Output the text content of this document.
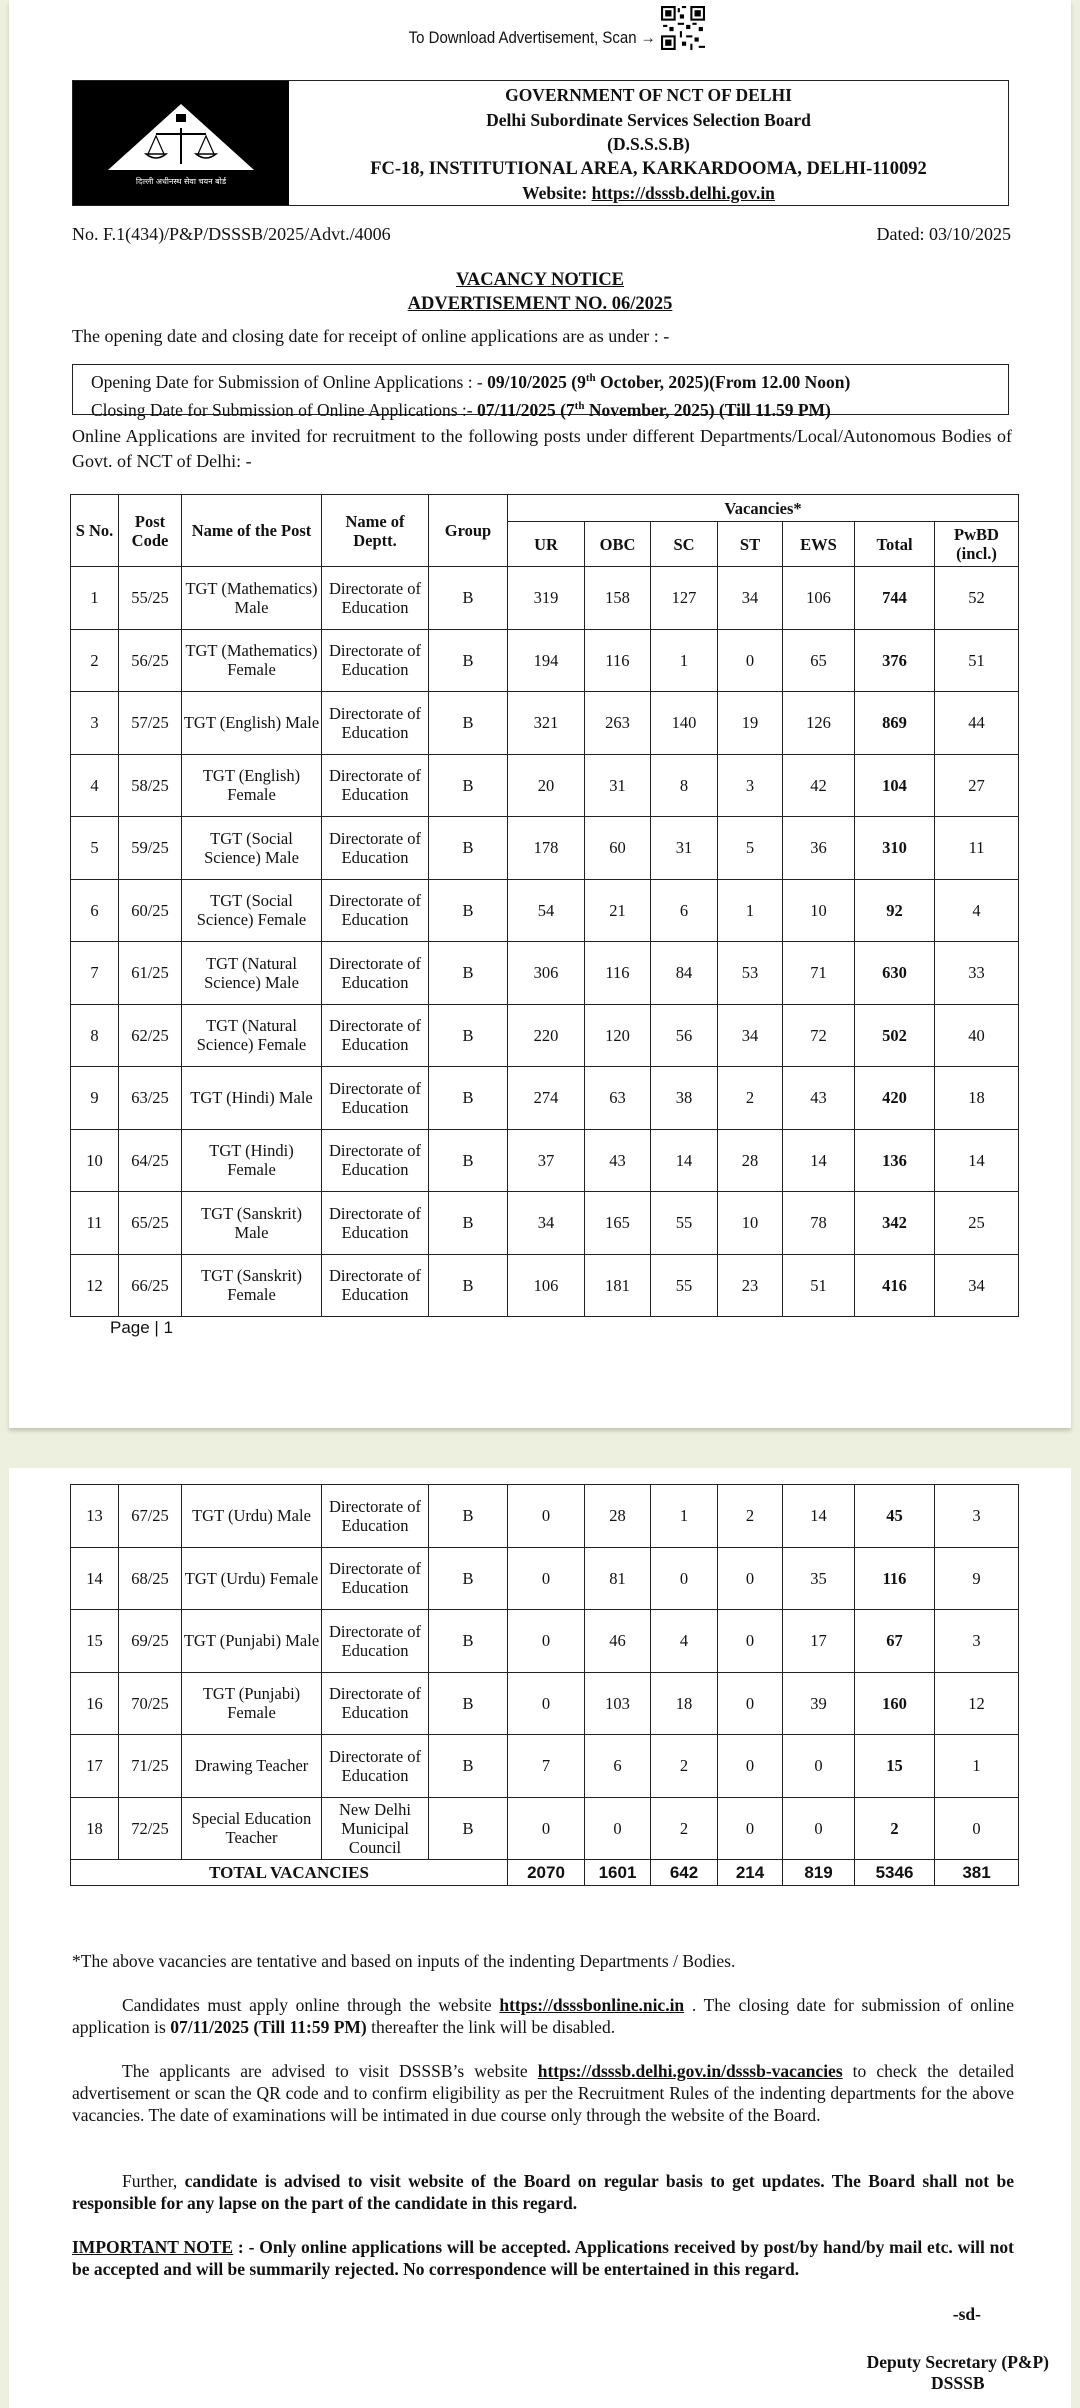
To Download Advertisement, Scan →
दिल्ली अधीनस्थ सेवा चयन बोर्ड
GOVERNMENT OF NCT OF DELHI
Delhi Subordinate Services Selection Board
(D.S.S.S.B)
FC-18, INSTITUTIONAL AREA, KARKARDOOMA, DELHI-110092
Website: https://dsssb.delhi.gov.in
No. F.1(434)/P&P/DSSSB/2025/Advt./4006	Dated: 03/10/2025
VACANCY NOTICE
ADVERTISEMENT NO. 06/2025
The opening date and closing date for receipt of online applications are as under : -
Opening Date for Submission of Online Applications : - 09/10/2025 (9th October, 2025)(From 12.00 Noon)
Closing Date for Submission of Online Applications :- 07/11/2025 (7th November, 2025) (Till 11.59 PM)
Online Applications are invited for recruitment to the following posts under different Departments/Local/Autonomous Bodies of Govt. of NCT of Delhi: -
S No.	Post Code	Name of the Post	Name of Deptt.	Group	Vacancies*						
					UR	OBC	SC	ST	EWS	Total	PwBD (incl.)
1	55/25	TGT (Mathematics) Male	Directorate of Education	B	319	158	127	34	106	744	52
2	56/25	TGT (Mathematics) Female	Directorate of Education	B	194	116	1	0	65	376	51
3	57/25	TGT (English) Male	Directorate of Education	B	321	263	140	19	126	869	44
4	58/25	TGT (English) Female	Directorate of Education	B	20	31	8	3	42	104	27
5	59/25	TGT (Social Science) Male	Directorate of Education	B	178	60	31	5	36	310	11
6	60/25	TGT (Social Science) Female	Directorate of Education	B	54	21	6	1	10	92	4
7	61/25	TGT (Natural Science) Male	Directorate of Education	B	306	116	84	53	71	630	33
8	62/25	TGT (Natural Science) Female	Directorate of Education	B	220	120	56	34	72	502	40
9	63/25	TGT (Hindi) Male	Directorate of Education	B	274	63	38	2	43	420	18
10	64/25	TGT (Hindi) Female	Directorate of Education	B	37	43	14	28	14	136	14
11	65/25	TGT (Sanskrit) Male	Directorate of Education	B	34	165	55	10	78	342	25
12	66/25	TGT (Sanskrit) Female	Directorate of Education	B	106	181	55	23	51	416	34
Page | 1
13	67/25	TGT (Urdu) Male	Directorate of Education	B	0	28	1	2	14	45	3
14	68/25	TGT (Urdu) Female	Directorate of Education	B	0	81	0	0	35	116	9
15	69/25	TGT (Punjabi) Male	Directorate of Education	B	0	46	4	0	17	67	3
16	70/25	TGT (Punjabi) Female	Directorate of Education	B	0	103	18	0	39	160	12
17	71/25	Drawing Teacher	Directorate of Education	B	7	6	2	0	0	15	1
18	72/25	Special Education Teacher	New Delhi Municipal Council	B	0	0	2	0	0	2	0
TOTAL VACANCIES					2070	1601	642	214	819	5346	381
*The above vacancies are tentative and based on inputs of the indenting Departments / Bodies.
Candidates must apply online through the website https://dsssbonline.nic.in . The closing date for submission of online application is 07/11/2025 (Till 11:59 PM) thereafter the link will be disabled.
The applicants are advised to visit DSSSB’s website https://dsssb.delhi.gov.in/dsssb-vacancies to check the detailed advertisement or scan the QR code and to confirm eligibility as per the Recruitment Rules of the indenting departments for the above vacancies. The date of examinations will be intimated in due course only through the website of the Board.
Further, candidate is advised to visit website of the Board on regular basis to get updates. The Board shall not be responsible for any lapse on the part of the candidate in this regard.
IMPORTANT NOTE : - Only online applications will be accepted. Applications received by post/by hand/by mail etc. will not be accepted and will be summarily rejected. No correspondence will be entertained in this regard.
-sd-
Deputy Secretary (P&P)
DSSSB
